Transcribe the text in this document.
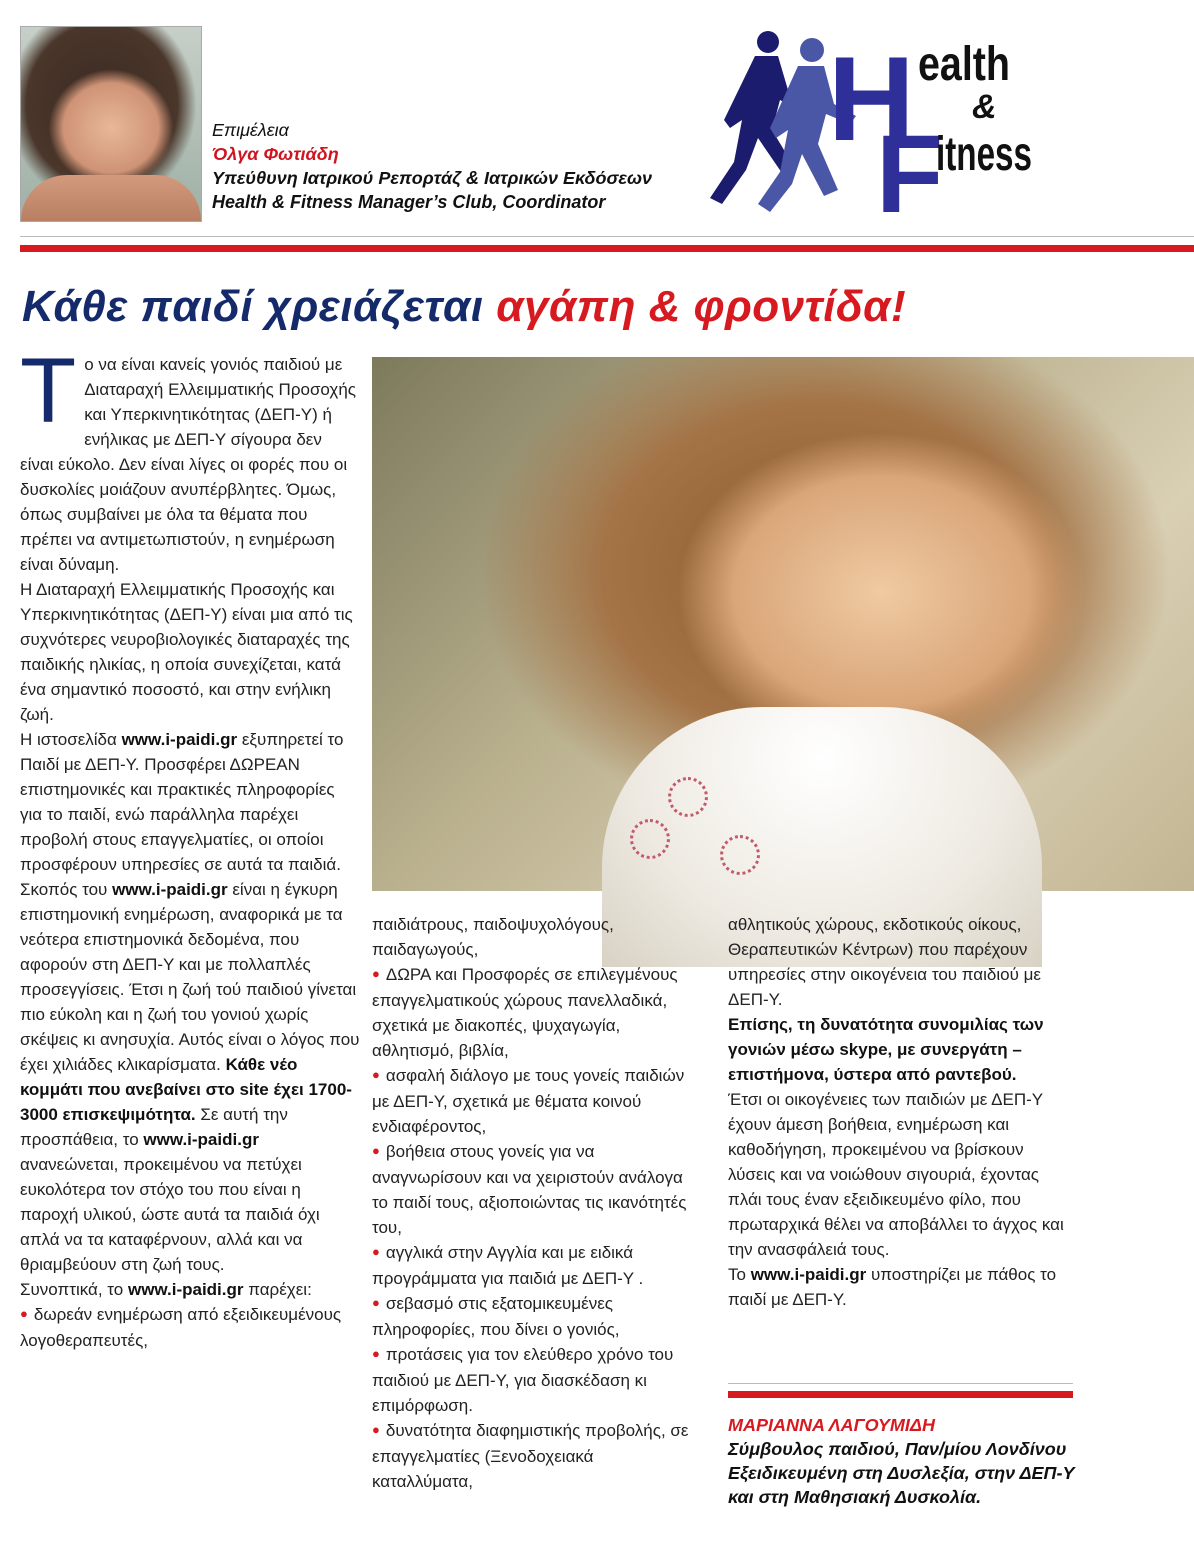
Επιμέλεια
Όλγα Φωτιάδη
Υπεύθυνη Ιατρικού Ρεπορτάζ & Ιατρικών Εκδόσεων
Health & Fitness Manager’s Club, Coordinator
H ealth
&
F
itness
Κάθε παιδί χρειάζεται αγάπη & φροντίδα!
Τ ο να είναι κανείς γονιός παιδιού με Διαταραχή Ελλειμματικής Προσοχής και Υπερκινητικότητας (ΔΕΠ-Υ) ή ενήλικας με ΔΕΠ-Υ σίγουρα δεν είναι εύκολο. Δεν είναι λίγες οι φορές που οι δυσκολίες μοιάζουν ανυπέρβλητες. Όμως, όπως συμβαίνει με όλα τα θέματα που πρέπει να αντιμετωπιστούν, η ενημέρωση είναι δύναμη.

Η Διαταραχή Ελλειμματικής Προσοχής και Υπερκινητικότητας (ΔΕΠ-Υ) είναι μια από τις συχνότερες νευροβιολογικές διαταραχές της παιδικής ηλικίας, η οποία συνεχίζεται, κατά ένα σημαντικό ποσοστό, και στην ενήλικη ζωή.

Η ιστοσελίδα www.i-paidi.gr εξυπηρετεί το Παιδί με ΔΕΠ-Υ. Προσφέρει ΔΩΡΕΑΝ επιστημονικές και πρακτικές πληροφορίες για το παιδί, ενώ παράλληλα παρέχει προβολή στους επαγγελματίες, οι οποίοι προσφέρουν υπηρεσίες σε αυτά τα παιδιά.

Σκοπός του www.i-paidi.gr είναι η έγκυρη επιστημονική ενημέρωση, αναφορικά με τα νεότερα επιστημονικά δεδομένα, που αφορούν στη ΔΕΠ-Υ και με πολλαπλές προσεγγίσεις. Έτσι η ζωή τού παιδιού γίνεται πιο εύκολη και η ζωή του γονιού χωρίς σκέψεις κι ανησυχία. Αυτός είναι ο λόγος που έχει χιλιάδες κλικαρίσματα. Κάθε νέο κομμάτι που ανεβαίνει στο site έχει 1700-3000 επισκεψιμότητα. Σε αυτή την προσπάθεια, το www.i-paidi.gr ανανεώνεται, προκειμένου να πετύχει ευκολότερα τον στόχο του που είναι η παροχή υλικού, ώστε αυτά τα παιδιά όχι απλά να τα καταφέρνουν, αλλά και να θριαμβεύουν στη ζωή τους.

Συνοπτικά, το www.i-paidi.gr παρέχει:

● δωρεάν ενημέρωση από εξειδικευμένους λογοθεραπευτές,

παιδιάτρους, παιδοψυχολόγους, παιδαγωγούς,

● ΔΩΡΑ και Προσφορές σε επιλεγμένους επαγγελματικούς χώρους πανελλαδικά, σχετικά με διακοπές, ψυχαγωγία, αθλητισμό, βιβλία,

● ασφαλή διάλογο με τους γονείς παιδιών με ΔΕΠ-Υ, σχετικά με θέματα κοινού ενδιαφέροντος,

● βοήθεια στους γονείς για να αναγνωρίσουν και να χειριστούν ανάλογα το παιδί τους, αξιοποιώντας τις ικανότητές του,

● αγγλικά στην Αγγλία και με ειδικά προγράμματα για παιδιά με ΔΕΠ-Υ .

● σεβασμό στις εξατομικευμένες πληροφορίες, που δίνει ο γονιός,

● προτάσεις για τον ελεύθερο χρόνο του παιδιού με ΔΕΠ-Υ, για διασκέδαση κι επιμόρφωση.

● δυνατότητα διαφημιστικής προβολής, σε επαγγελματίες (Ξενοδοχειακά καταλλύματα,

αθλητικούς χώρους, εκδοτικούς οίκους, Θεραπευτικών Κέντρων) που παρέχουν υπηρεσίες στην οικογένεια του παιδιού με ΔΕΠ-Υ.

Επίσης, τη δυνατότητα συνομιλίας των γονιών μέσω skype, με συνεργάτη – επιστήμονα, ύστερα από ραντεβού.

Έτσι οι οικογένειες των παιδιών με ΔΕΠ-Υ έχουν άμεση βοήθεια, ενημέρωση και καθοδήγηση, προκειμένου να βρίσκουν λύσεις και να νοιώθουν σιγουριά, έχοντας πλάι τους έναν εξειδικευμένο φίλο, που πρωταρχικά θέλει να αποβάλλει το άγχος και την ανασφάλειά τους.

Το www.i-paidi.gr υποστηρίζει με πάθος το παιδί με ΔΕΠ-Υ.

ΜΑΡΙΑΝΝΑ ΛΑΓΟΥΜΙΔΗ
Σύμβουλος παιδιού, Παν/μίου Λονδίνου
Εξειδικευμένη στη Δυσλεξία, στην ΔΕΠ-Υ
και στη Μαθησιακή Δυσκολία.
